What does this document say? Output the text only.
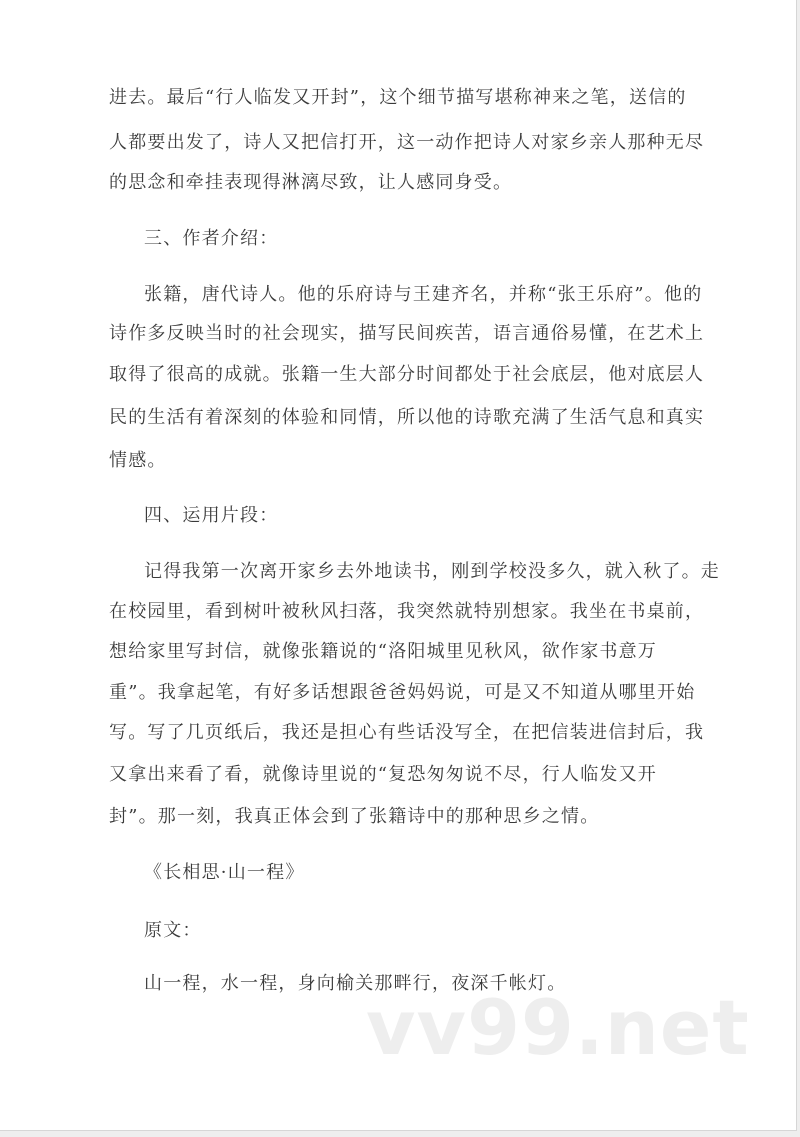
进去。最后“行人临发又开封”，这个细节描写堪称神来之笔，送信的
人都要出发了，诗人又把信打开，这一动作把诗人对家乡亲人那种无尽
的思念和牵挂表现得淋漓尽致，让人感同身受。
三、作者介绍：
张籍，唐代诗人。他的乐府诗与王建齐名，并称“张王乐府”。他的
诗作多反映当时的社会现实，描写民间疾苦，语言通俗易懂，在艺术上
取得了很高的成就。张籍一生大部分时间都处于社会底层，他对底层人
民的生活有着深刻的体验和同情，所以他的诗歌充满了生活气息和真实
情感。
四、运用片段：
记得我第一次离开家乡去外地读书，刚到学校没多久，就入秋了。走
在校园里，看到树叶被秋风扫落，我突然就特别想家。我坐在书桌前，
想给家里写封信，就像张籍说的“洛阳城里见秋风，欲作家书意万
重”。我拿起笔，有好多话想跟爸爸妈妈说，可是又不知道从哪里开始
写。写了几页纸后，我还是担心有些话没写全，在把信装进信封后，我
又拿出来看了看，就像诗里说的“复恐匆匆说不尽，行人临发又开
封”。那一刻，我真正体会到了张籍诗中的那种思乡之情。
《长相思·山一程》
原文：
山一程，水一程，身向榆关那畔行，夜深千帐灯。
vv99.net
